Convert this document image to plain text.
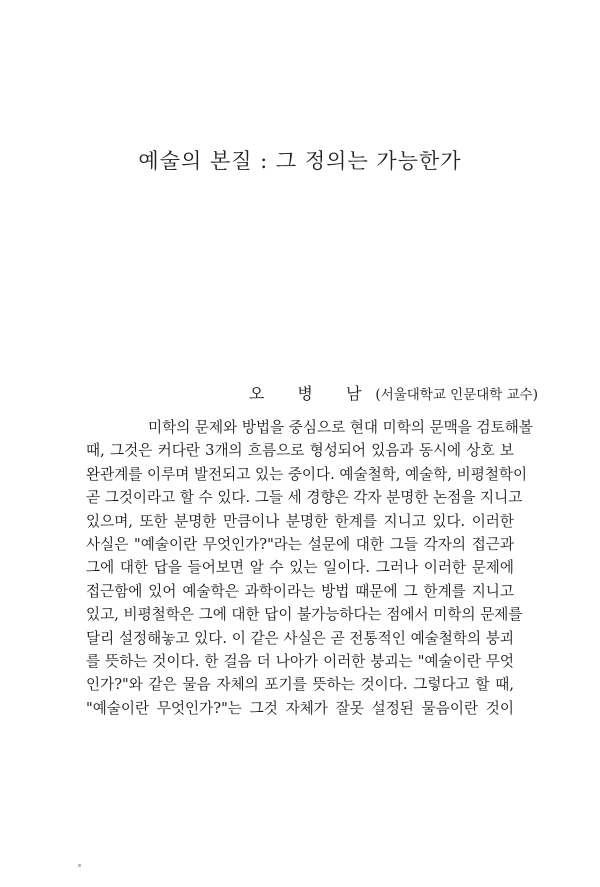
예술의 본질 : 그 정의는 가능한가
오 병 남(서울대학교 인문대학 교수)
미학의 문제와 방법을 중심으로 현대 미학의 문맥을 검토해볼
때, 그것은 커다란 3개의 흐름으로 형성되어 있음과 동시에 상호 보
완관계를 이루며 발전되고 있는 중이다. 예술철학, 예술학, 비평철학이
곧 그것이라고 할 수 있다. 그들 세 경향은 각자 분명한 논점을 지니고
있으며, 또한 분명한 만큼이나 분명한 한계를 지니고 있다. 이러한
사실은 "예술이란 무엇인가?"라는 설문에 대한 그들 각자의 접근과
그에 대한 답을 들어보면 알 수 있는 일이다. 그러나 이러한 문제에
접근함에 있어 예술학은 과학이라는 방법 때문에 그 한계를 지니고
있고, 비평철학은 그에 대한 답이 불가능하다는 점에서 미학의 문제를
달리 설정해놓고 있다. 이 같은 사실은 곧 전통적인 예술철학의 붕괴
를 뜻하는 것이다. 한 걸음 더 나아가 이러한 붕괴는 "예술이란 무엇
인가?"와 같은 물음 자체의 포기를 뜻하는 것이다. 그렇다고 할 때,
"예술이란 무엇인가?"는 그것 자체가 잘못 설정된 물음이란 것이
